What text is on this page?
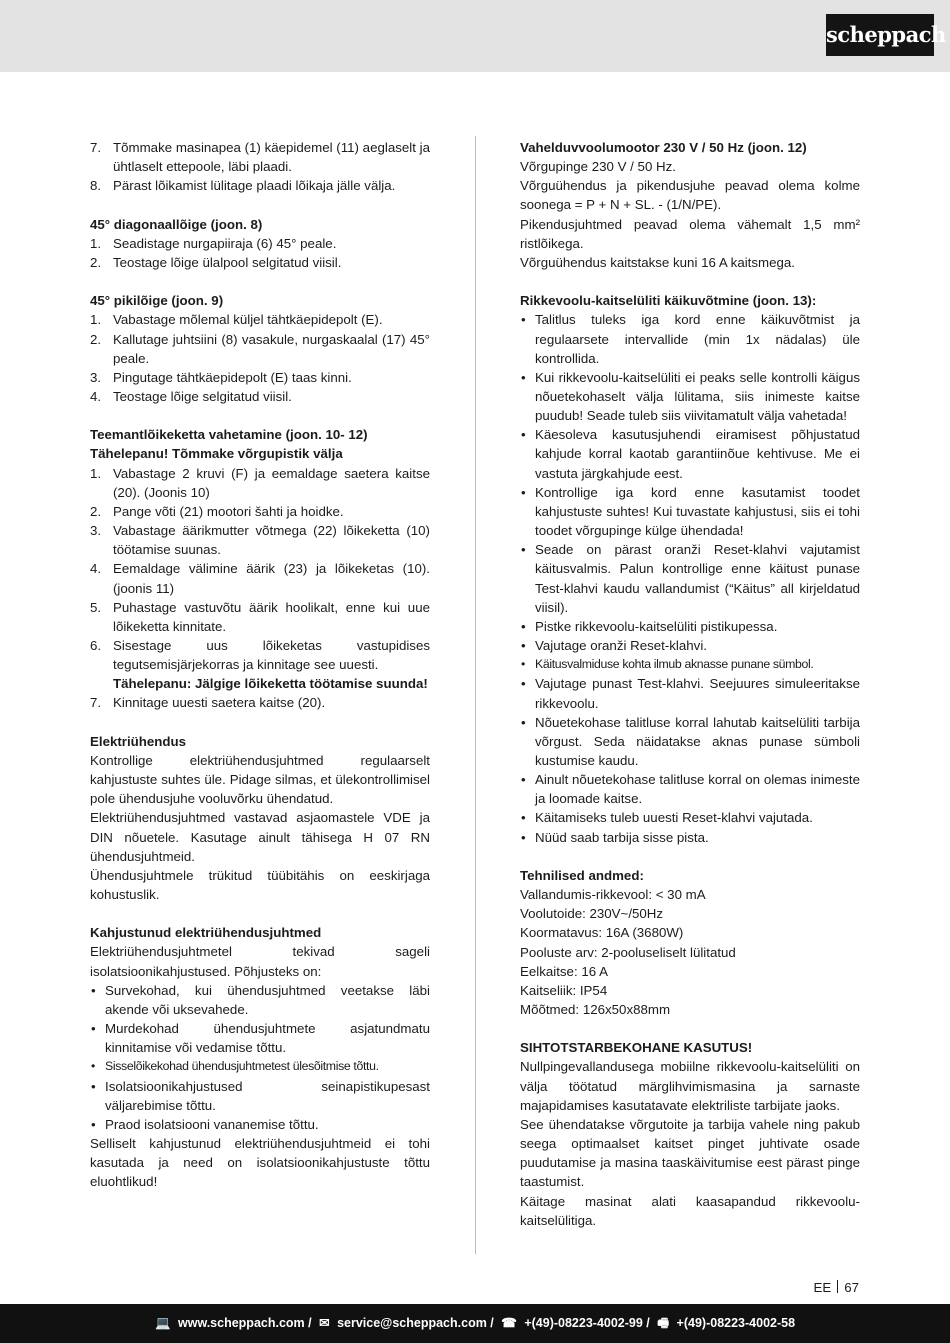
scheppach
7. Tõmmake masinapea (1) käepidemel (11) aeglaselt ja ühtlaselt ettepoole, läbi plaadi.
8. Pärast lõikamist lülitage plaadi lõikaja jälle välja.

45° diagonaallõige (joon. 8)

1. Seadistage nurgapiiraja (6) 45° peale.
2. Teostage lõige ülalpool selgitatud viisil.

45° pikilõige (joon. 9)

1. Vabastage mõlemal küljel tähtkäepidepolt (E).
2. Kallutage juhtsiini (8) vasakule, nurgaskaalal (17) 45° peale.
3. Pingutage tähtkäepidepolt (E) taas kinni.
4. Teostage lõige selgitatud viisil.

Teemantlõikeketta vahetamine (joon. 10- 12)

Tähelepanu! Tõmmake võrgupistik välja

1. Vabastage 2 kruvi (F) ja eemaldage saetera kaitse (20). (Joonis 10)
2. Pange võti (21) mootori šahti ja hoidke.
3. Vabastage äärikmutter võtmega (22) lõikeketta (10) töötamise suunas.
4. Eemaldage välimine äärik (23) ja lõikeketas (10). (joonis 11)
5. Puhastage vastuvõtu äärik hoolikalt, enne kui uue lõikeketta kinnitate.
6. Sisestage uus lõikeketas vastupidises tegutsemisjärjekorras ja kinnitage see uuesti.
Tähelepanu: Jälgige lõikeketta töötamise suunda!
7. Kinnitage uuesti saetera kaitse (20).

Elektriühendus

Kontrollige elektriühendusjuhtmed regulaarselt kahjustuste suhtes üle. Pidage silmas, et ülekontrollimisel pole ühendusjuhe vooluvõrku ühendatud.

Elektriühendusjuhtmed vastavad asjaomastele VDE ja DIN nõuetele. Kasutage ainult tähisega H 07 RN ühendusjuhtmeid.

Ühendusjuhtmele trükitud tüübitähis on eeskirjaga kohustuslik.

Kahjustunud elektriühendusjuhtmed

Elektriühendusjuhtmetel tekivad sageli isolatsioonikahjustused. Põhjusteks on:

• Survekohad, kui ühendusjuhtmed veetakse läbi akende või uksevahede.
• Murdekohad ühendusjuhtmete asjatundmatu kinnitamise või vedamise tõttu.
• Sisselõikekohad ühendusjuhtmetest ülesõitmise tõttu.
• Isolatsioonikahjustused seinapistikupesast väljarebimise tõttu.
• Praod isolatsiooni vananemise tõttu.

Selliselt kahjustunud elektriühendusjuhtmeid ei tohi kasutada ja need on isolatsioonikahjustuste tõttu eluohtlikud!

Vahelduvvoolumootor 230 V / 50 Hz (joon. 12)

Võrgupinge 230 V / 50 Hz.

Võrguühendus ja pikendusjuhe peavad olema kolme soonega = P + N + SL. - (1/N/PE).

Pikendusjuhtmed peavad olema vähemalt 1,5 mm² ristlõikega.

Võrguühendus kaitstakse kuni 16 A kaitsmega.

Rikkevoolu-kaitselüliti käikuvõtmine (joon. 13):

• Talitlus tuleks iga kord enne käikuvõtmist ja regulaarsete intervallide (min 1x nädalas) üle kontrollida.
• Kui rikkevoolu-kaitselüliti ei peaks selle kontrolli käigus nõuetekohaselt välja lülitama, siis inimeste kaitse puudub! Seade tuleb siis viivitamatult välja vahetada!
• Käesoleva kasutusjuhendi eiramisest põhjustatud kahjude korral kaotab garantiinõue kehtivuse. Me ei vastuta järgkahjude eest.
• Kontrollige iga kord enne kasutamist toodet kahjustuste suhtes! Kui tuvastate kahjustusi, siis ei tohi toodet võrgupinge külge ühendada!
• Seade on pärast oranži Reset-klahvi vajutamist käitusvalmis. Palun kontrollige enne käitust punase Test-klahvi kaudu vallandumist (“Käitus” all kirjeldatud viisil).
• Pistke rikkevoolu-kaitselüliti pistikupessa.
• Vajutage oranži Reset-klahvi.
• Käitusvalmiduse kohta ilmub aknasse punane sümbol.
• Vajutage punast Test-klahvi. Seejuures simuleeritakse rikkevoolu.
• Nõuetekohase talitluse korral lahutab kaitselüliti tarbija võrgust. Seda näidatakse aknas punase sümboli kustumise kaudu.
• Ainult nõuetekohase talitluse korral on olemas inimeste ja loomade kaitse.
• Käitamiseks tuleb uuesti Reset-klahvi vajutada.
• Nüüd saab tarbija sisse pista.

Tehnilised andmed:

Vallandumis-rikkevool: < 30 mA

Voolutoide: 230V~/50Hz

Koormatavus: 16A (3680W)

Pooluste arv: 2-pooluseliselt lülitatud

Eelkaitse: 16 A

Kaitseliik: IP54

Mõõtmed: 126x50x88mm

SIHTOTSTARBEKOHANE KASUTUS!

Nullpingevallandusega mobiilne rikkevoolu-kaitselüliti on välja töötatud märglihvimismasina ja sarnaste majapidamises kasutatavate elektriliste tarbijate jaoks.

See ühendatakse võrgutoite ja tarbija vahele ning pakub seega optimaalset kaitset pinget juhtivate osade puudutamise ja masina taaskäivitumise eest pärast pinge taastumist.

Käitage masinat alati kaasapandud rikkevoolu-kaitselülitiga.

EE 67
💻 www.scheppach.com / ✉ service@scheppach.com / ☎ +(49)-08223-4002-99 / 🖷 +(49)-08223-4002-58
